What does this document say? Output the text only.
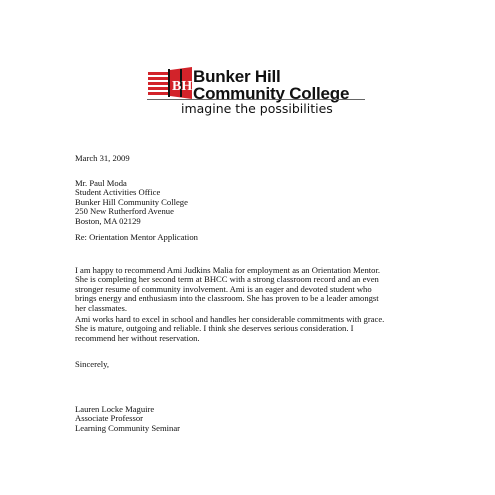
BH
Bunker Hill
Community College
imagine the possibilities
March 31, 2009
Mr. Paul Moda
Student Activities Office
Bunker Hill Community College
250 New Rutherford Avenue
Boston, MA 02129
Re: Orientation Mentor Application
I am happy to recommend Ami Judkins Malia for employment as an Orientation Mentor.
She is completing her second term at BHCC with a strong classroom record and an even
stronger resume of community involvement. Ami is an eager and devoted student who
brings energy and enthusiasm into the classroom. She has proven to be a leader amongst
her classmates.
Ami works hard to excel in school and handles her considerable commitments with grace.
She is mature, outgoing and reliable. I think she deserves serious consideration. I
recommend her without reservation.
Sincerely,
Lauren Locke Maguire
Associate Professor
Learning Community Seminar
